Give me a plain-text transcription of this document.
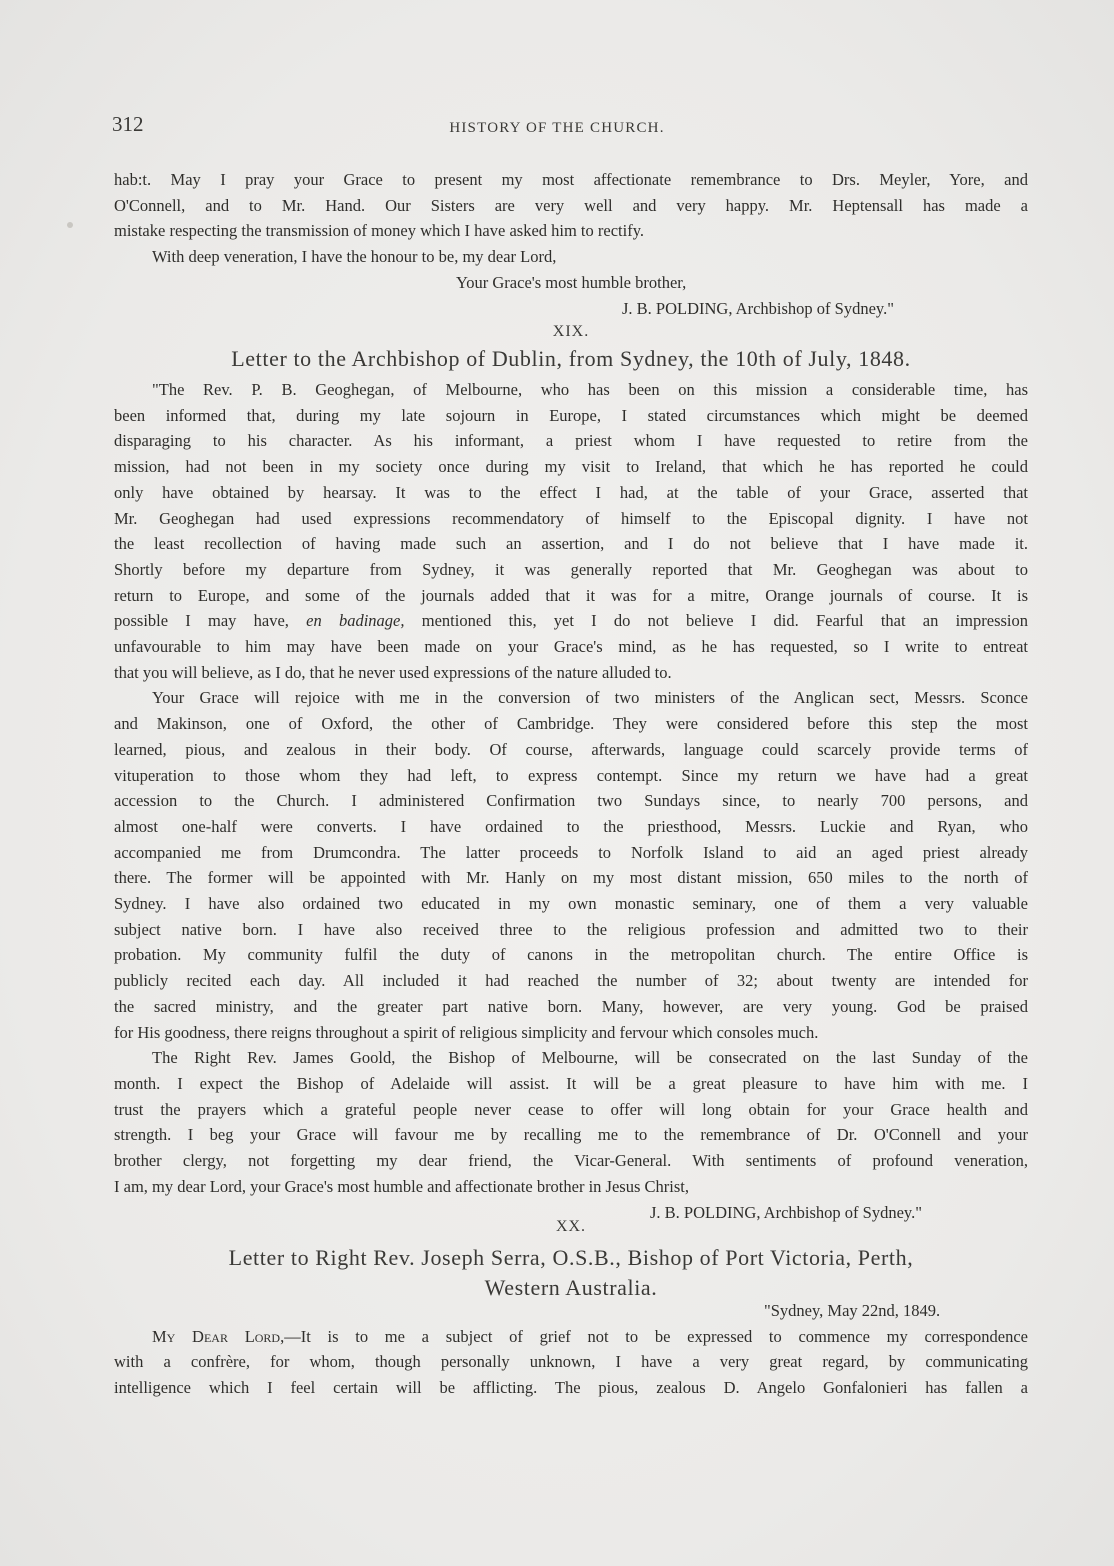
312	HISTORY OF THE CHURCH.

hab:t. May I pray your Grace to present my most affectionate remembrance to Drs. Meyler, Yore, and

O'Connell, and to Mr. Hand. Our Sisters are very well and very happy. Mr. Heptensall has made a

mistake respecting the transmission of money which I have asked him to rectify.

With deep veneration, I have the honour to be, my dear Lord,

Your Grace's most humble brother,

J. B. POLDING, Archbishop of Sydney."

XIX.
Letter to the Archbishop of Dublin, from Sydney, the 10th of July, 1848.

"The Rev. P. B. Geoghegan, of Melbourne, who has been on this mission a considerable time, has

been informed that, during my late sojourn in Europe, I stated circumstances which might be deemed

disparaging to his character. As his informant, a priest whom I have requested to retire from the

mission, had not been in my society once during my visit to Ireland, that which he has reported he could

only have obtained by hearsay. It was to the effect I had, at the table of your Grace, asserted that

Mr. Geoghegan had used expressions recommendatory of himself to the Episcopal dignity. I have not

the least recollection of having made such an assertion, and I do not believe that I have made it.

Shortly before my departure from Sydney, it was generally reported that Mr. Geoghegan was about to

return to Europe, and some of the journals added that it was for a mitre, Orange journals of course. It is

possible I may have, en badinage, mentioned this, yet I do not believe I did. Fearful that an impression

unfavourable to him may have been made on your Grace's mind, as he has requested, so I write to entreat

that you will believe, as I do, that he never used expressions of the nature alluded to.

Your Grace will rejoice with me in the conversion of two ministers of the Anglican sect, Messrs. Sconce

and Makinson, one of Oxford, the other of Cambridge. They were considered before this step the most

learned, pious, and zealous in their body. Of course, afterwards, language could scarcely provide terms of

vituperation to those whom they had left, to express contempt. Since my return we have had a great

accession to the Church. I administered Confirmation two Sundays since, to nearly 700 persons, and

almost one-half were converts. I have ordained to the priesthood, Messrs. Luckie and Ryan, who

accompanied me from Drumcondra. The latter proceeds to Norfolk Island to aid an aged priest already

there. The former will be appointed with Mr. Hanly on my most distant mission, 650 miles to the north of

Sydney. I have also ordained two educated in my own monastic seminary, one of them a very valuable

subject native born. I have also received three to the religious profession and admitted two to their

probation. My community fulfil the duty of canons in the metropolitan church. The entire Office is

publicly recited each day. All included it had reached the number of 32; about twenty are intended for

the sacred ministry, and the greater part native born. Many, however, are very young. God be praised

for His goodness, there reigns throughout a spirit of religious simplicity and fervour which consoles much.

The Right Rev. James Goold, the Bishop of Melbourne, will be consecrated on the last Sunday of the

month. I expect the Bishop of Adelaide will assist. It will be a great pleasure to have him with me. I

trust the prayers which a grateful people never cease to offer will long obtain for your Grace health and

strength. I beg your Grace will favour me by recalling me to the remembrance of Dr. O'Connell and your

brother clergy, not forgetting my dear friend, the Vicar-General. With sentiments of profound veneration,

I am, my dear Lord, your Grace's most humble and affectionate brother in Jesus Christ,

J. B. POLDING, Archbishop of Sydney."

XX.
Letter to Right Rev. Joseph Serra, O.S.B., Bishop of Port Victoria, Perth,
Western Australia.

"Sydney, May 22nd, 1849.

My Dear Lord,—It is to me a subject of grief not to be expressed to commence my correspondence

with a confrère, for whom, though personally unknown, I have a very great regard, by communicating

intelligence which I feel certain will be afflicting. The pious, zealous D. Angelo Gonfalonieri has fallen a
